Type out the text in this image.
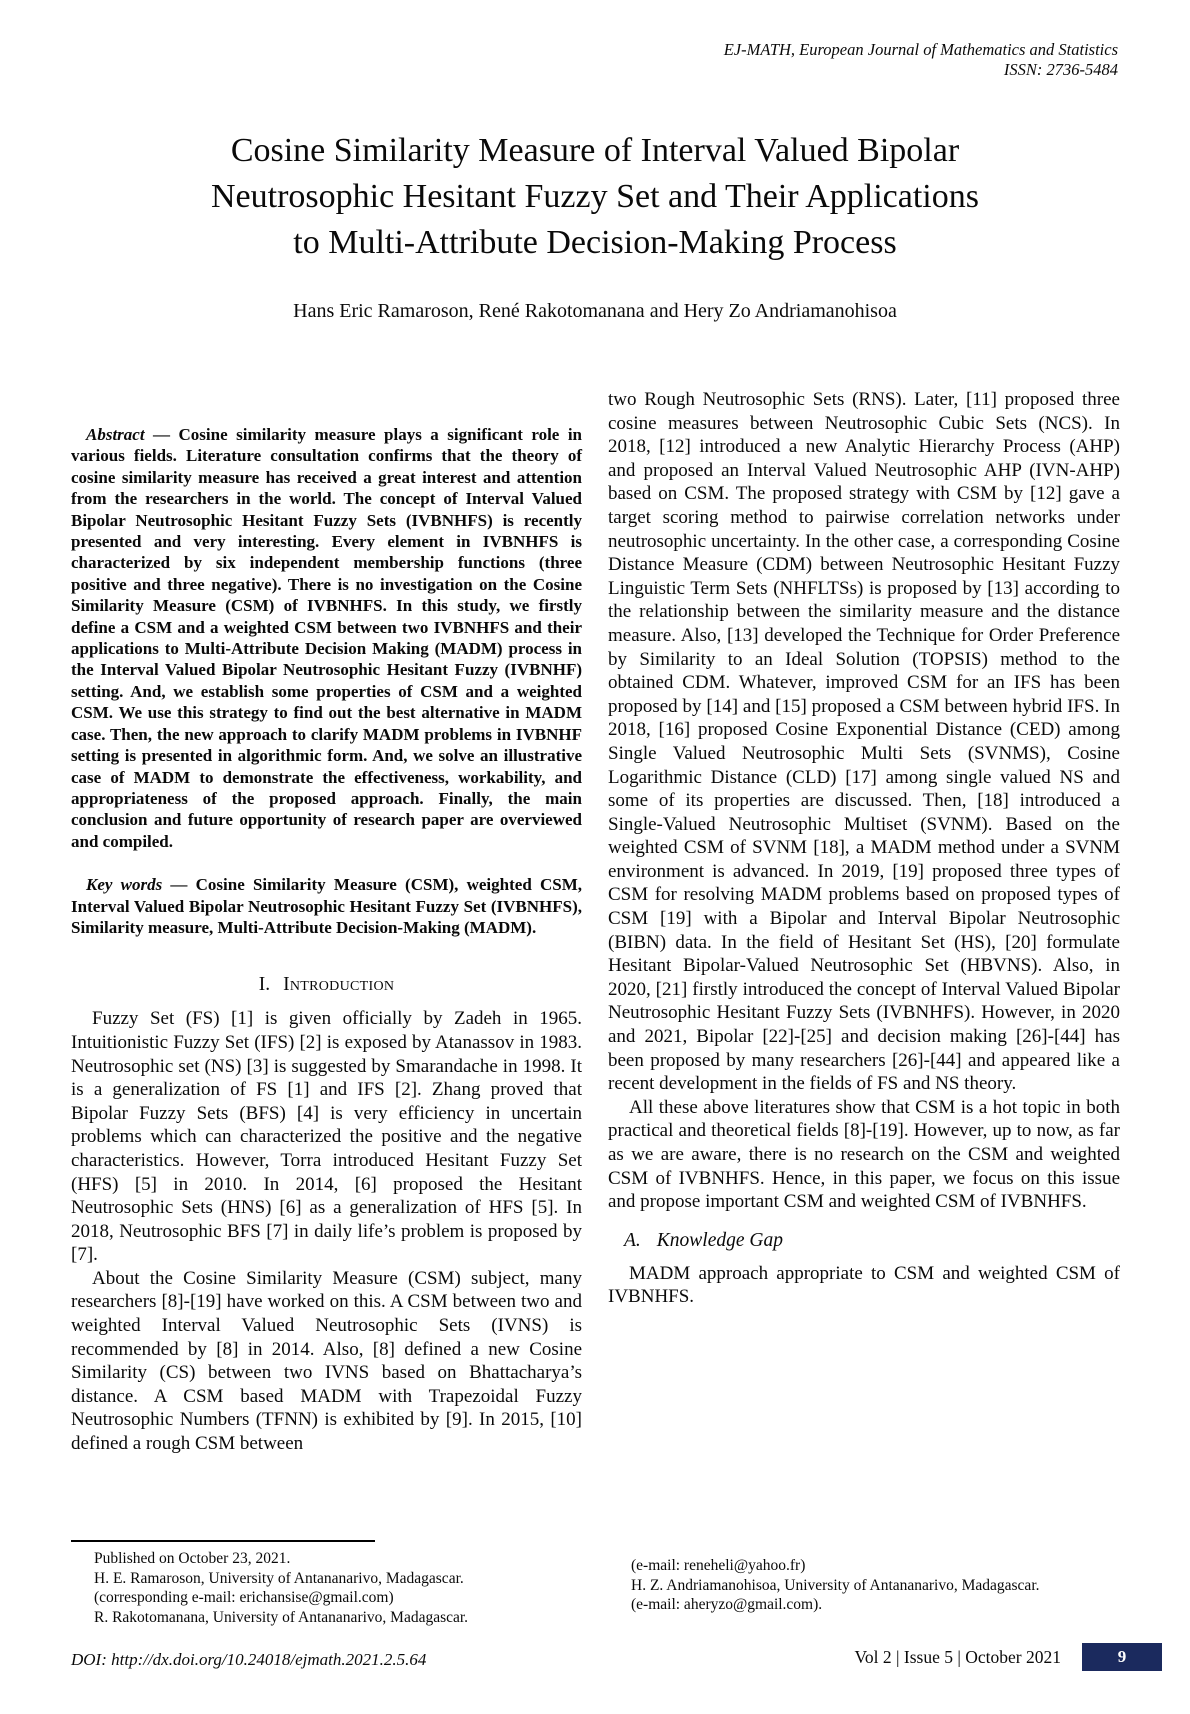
EJ-MATH, European Journal of Mathematics and Statistics
ISSN: 2736-5484
Cosine Similarity Measure of Interval Valued Bipolar
Neutrosophic Hesitant Fuzzy Set and Their Applications
to Multi-Attribute Decision-Making Process
Hans Eric Ramaroson, René Rakotomanana and Hery Zo Andriamanohisoa

Abstract — Cosine similarity measure plays a significant role in various fields. Literature consultation confirms that the theory of cosine similarity measure has received a great interest and attention from the researchers in the world. The concept of Interval Valued Bipolar Neutrosophic Hesitant Fuzzy Sets (IVBNHFS) is recently presented and very interesting. Every element in IVBNHFS is characterized by six independent membership functions (three positive and three negative). There is no investigation on the Cosine Similarity Measure (CSM) of IVBNHFS. In this study, we firstly define a CSM and a weighted CSM between two IVBNHFS and their applications to Multi-Attribute Decision Making (MADM) process in the Interval Valued Bipolar Neutrosophic Hesitant Fuzzy (IVBNHF) setting. And, we establish some properties of CSM and a weighted CSM. We use this strategy to find out the best alternative in MADM case. Then, the new approach to clarify MADM problems in IVBNHF setting is presented in algorithmic form. And, we solve an illustrative case of MADM to demonstrate the effectiveness, workability, and appropriateness of the proposed approach. Finally, the main conclusion and future opportunity of research paper are overviewed and compiled.

Key words — Cosine Similarity Measure (CSM), weighted CSM, Interval Valued Bipolar Neutrosophic Hesitant Fuzzy Set (IVBNHFS), Similarity measure, Multi-Attribute Decision-Making (MADM).

I. Introduction

Fuzzy Set (FS) [1] is given officially by Zadeh in 1965. Intuitionistic Fuzzy Set (IFS) [2] is exposed by Atanassov in 1983. Neutrosophic set (NS) [3] is suggested by Smarandache in 1998. It is a generalization of FS [1] and IFS [2]. Zhang proved that Bipolar Fuzzy Sets (BFS) [4] is very efficiency in uncertain problems which can characterized the positive and the negative characteristics. However, Torra introduced Hesitant Fuzzy Set (HFS) [5] in 2010. In 2014, [6] proposed the Hesitant Neutrosophic Sets (HNS) [6] as a generalization of HFS [5]. In 2018, Neutrosophic BFS [7] in daily life’s problem is proposed by [7].

About the Cosine Similarity Measure (CSM) subject, many researchers [8]-[19] have worked on this. A CSM between two and weighted Interval Valued Neutrosophic Sets (IVNS) is recommended by [8] in 2014. Also, [8] defined a new Cosine Similarity (CS) between two IVNS based on Bhattacharya’s distance. A CSM based MADM with Trapezoidal Fuzzy Neutrosophic Numbers (TFNN) is exhibited by [9]. In 2015, [10] defined a rough CSM between

two Rough Neutrosophic Sets (RNS). Later, [11] proposed three cosine measures between Neutrosophic Cubic Sets (NCS). In 2018, [12] introduced a new Analytic Hierarchy Process (AHP) and proposed an Interval Valued Neutrosophic AHP (IVN-AHP) based on CSM. The proposed strategy with CSM by [12] gave a target scoring method to pairwise correlation networks under neutrosophic uncertainty. In the other case, a corresponding Cosine Distance Measure (CDM) between Neutrosophic Hesitant Fuzzy Linguistic Term Sets (NHFLTSs) is proposed by [13] according to the relationship between the similarity measure and the distance measure. Also, [13] developed the Technique for Order Preference by Similarity to an Ideal Solution (TOPSIS) method to the obtained CDM. Whatever, improved CSM for an IFS has been proposed by [14] and [15] proposed a CSM between hybrid IFS. In 2018, [16] proposed Cosine Exponential Distance (CED) among Single Valued Neutrosophic Multi Sets (SVNMS), Cosine Logarithmic Distance (CLD) [17] among single valued NS and some of its properties are discussed. Then, [18] introduced a Single-Valued Neutrosophic Multiset (SVNM). Based on the weighted CSM of SVNM [18], a MADM method under a SVNM environment is advanced. In 2019, [19] proposed three types of CSM for resolving MADM problems based on proposed types of CSM [19] with a Bipolar and Interval Bipolar Neutrosophic (BIBN) data. In the field of Hesitant Set (HS), [20] formulate Hesitant Bipolar-Valued Neutrosophic Set (HBVNS). Also, in 2020, [21] firstly introduced the concept of Interval Valued Bipolar Neutrosophic Hesitant Fuzzy Sets (IVBNHFS). However, in 2020 and 2021, Bipolar [22]-[25] and decision making [26]-[44] has been proposed by many researchers [26]-[44] and appeared like a recent development in the fields of FS and NS theory.

All these above literatures show that CSM is a hot topic in both practical and theoretical fields [8]-[19]. However, up to now, as far as we are aware, there is no research on the CSM and weighted CSM of IVBNHFS. Hence, in this paper, we focus on this issue and propose important CSM and weighted CSM of IVBNHFS.

A. Knowledge Gap

MADM approach appropriate to CSM and weighted CSM of IVBNHFS.

Published on October 23, 2021.
H. E. Ramaroson, University of Antananarivo, Madagascar.
(corresponding e-mail: erichansise@gmail.com)
R. Rakotomanana, University of Antananarivo, Madagascar.
(e-mail: reneheli@yahoo.fr)
H. Z. Andriamanohisoa, University of Antananarivo, Madagascar.
(e-mail: aheryzo@gmail.com).
DOI: http://dx.doi.org/10.24018/ejmath.2021.2.5.64	Vol 2 | Issue 5 | October 2021	9
